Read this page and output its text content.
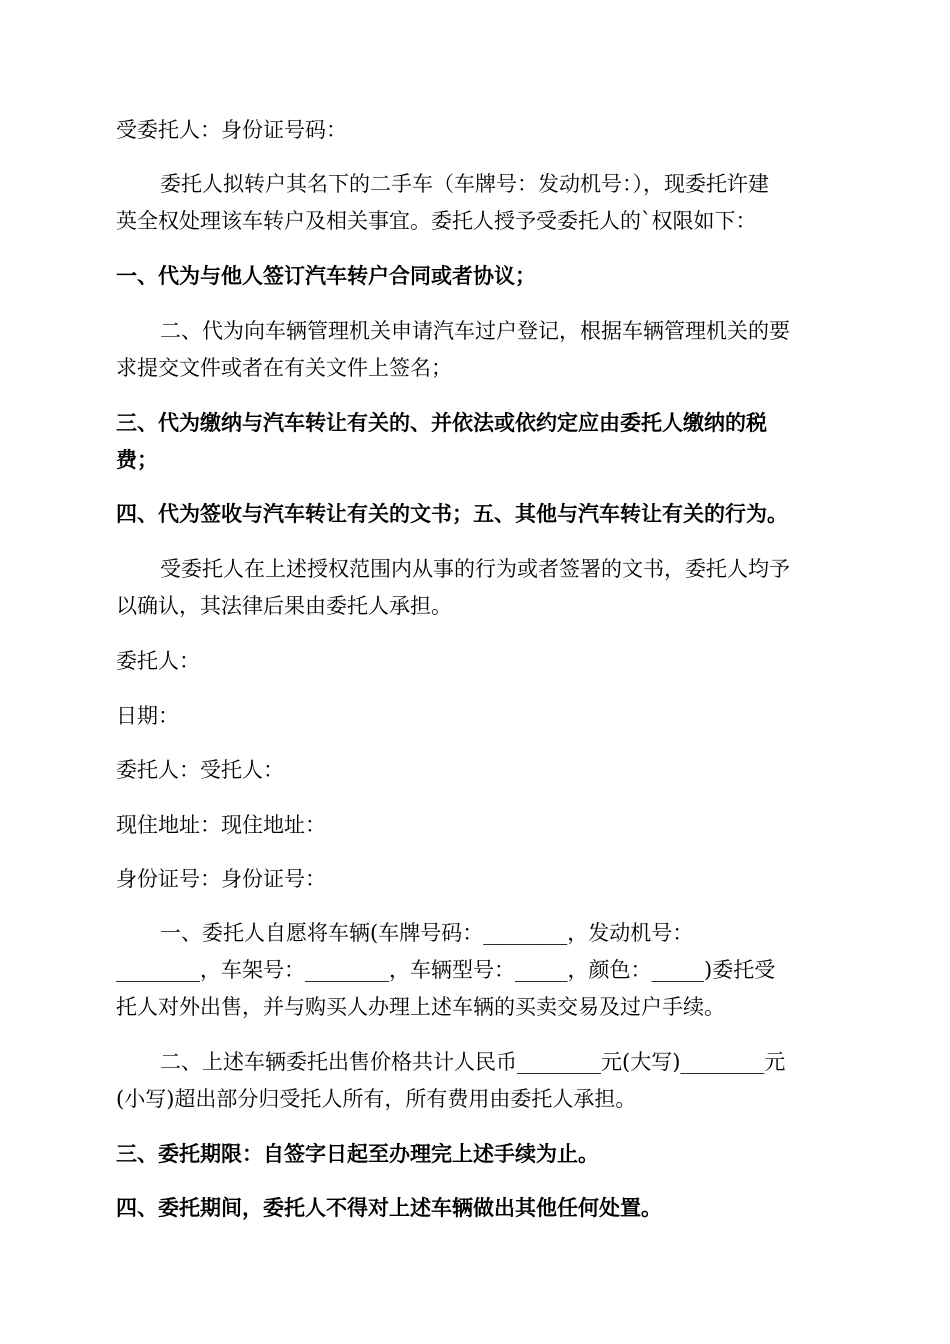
受委托人：身份证号码：

委托人拟转户其名下的二手车（车牌号：发动机号：），现委托许建
英全权处理该车转户及相关事宜。委托人授予受委托人的`权限如下：

一、代为与他人签订汽车转户合同或者协议；

二、代为向车辆管理机关申请汽车过户登记，根据车辆管理机关的要
求提交文件或者在有关文件上签名；

三、代为缴纳与汽车转让有关的、并依法或依约定应由委托人缴纳的税
费；

四、代为签收与汽车转让有关的文书；五、其他与汽车转让有关的行为。

受委托人在上述授权范围内从事的行为或者签署的文书，委托人均予
以确认，其法律后果由委托人承担。

委托人：

日期：

委托人：受托人：

现住地址：现住地址：

身份证号：身份证号：

一、委托人自愿将车辆(车牌号码：________，发动机号：
________，车架号：________，车辆型号：_____，颜色：_____)委托受
托人对外出售，并与购买人办理上述车辆的买卖交易及过户手续。

二、上述车辆委托出售价格共计人民币________元(大写)________元
(小写)超出部分归受托人所有，所有费用由委托人承担。

三、委托期限：自签字日起至办理完上述手续为止。

四、委托期间，委托人不得对上述车辆做出其他任何处置。
